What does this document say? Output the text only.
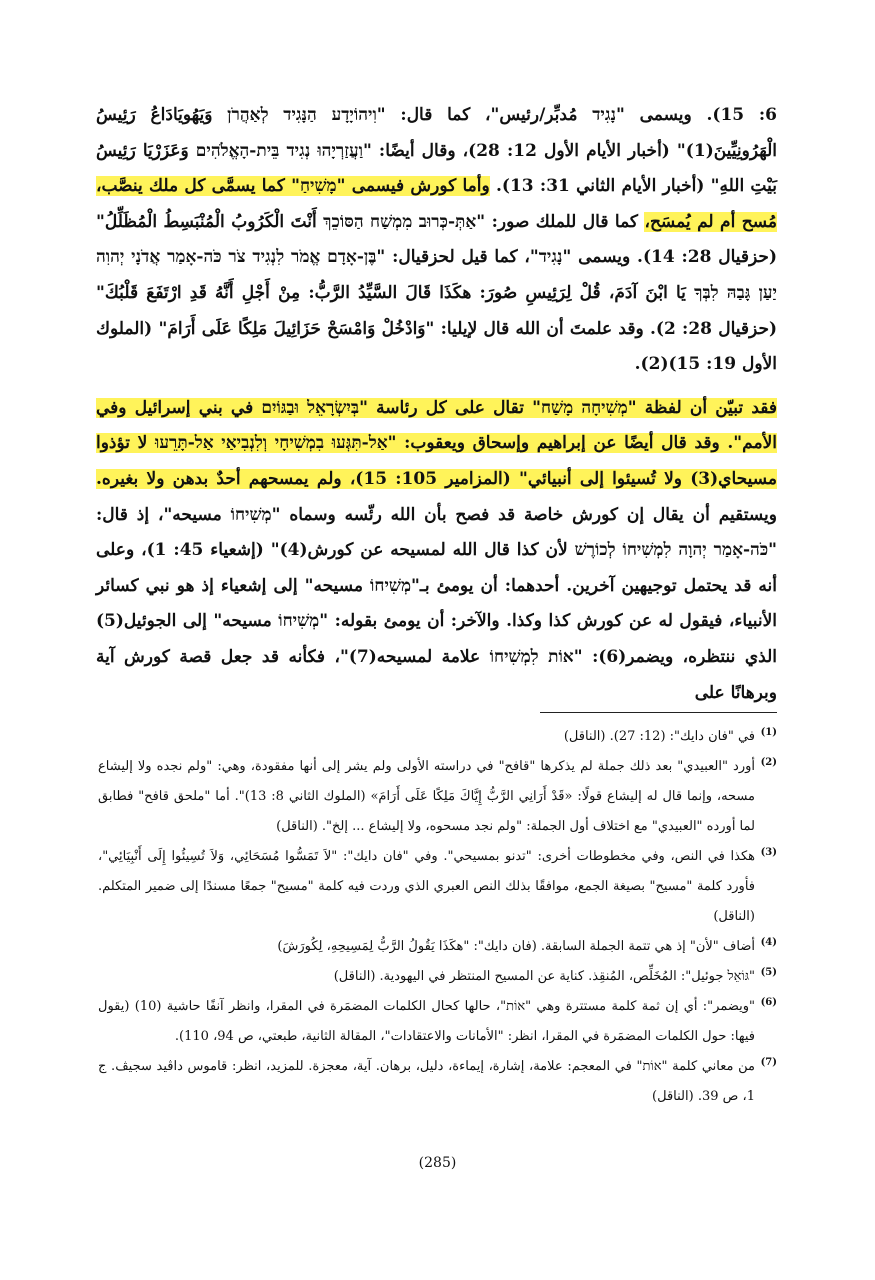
6: 15). ويسمى "נָגִיד مُدبِّر/رئيس"، كما قال: "וִיהוֹיָדָע הַנָּגִיד לְאַהֲרֹן وَيَهُويَادَاعُ رَئِيسُ الْهَرُونِيِّينَ(1)" (أخبار الأيام الأول 12: 28)، وقال أيضًا: "וַעֲזַרְיָהוּ נְגִיד בֵּית-הָאֱלֹהִים وَعَزَرْيَا رَئِيسُ بَيْتِ اللهِ" (أخبار الأيام الثاني 31: 13). وأما كورش فيسمى "מָשִׁיחַ" كما يسمَّى كل ملك ينصَّب، مُسح أم لم يُمسَح، كما قال للملك صور: "אַתְּ-כְּרוּב מִמְשַׁח הַסּוֹכֵךְ أَنْتَ الْكَرُوبُ الْمُنْبَسِطُ الْمُظَلِّلُ" (حزقيال 28: 14). ويسمى "נָגִיד"، كما قيل لحزقيال: "בֶּן-אָדָם אֱמֹר לִנְגִיד צֹר כֹּה-אָמַר אֲדֹנָי יְהוִה יַעַן גָּבַהּ לִבְּךָ يَا ابْنَ آدَمَ، قُلْ لِرَئِيسِ صُورَ: هكَذَا قَالَ السَّيِّدُ الرَّبُّ: مِنْ أَجْلِ أَنَّهُ قَدِ ارْتَفَعَ قَلْبُكَ" (حزقيال 28: 2). وقد علمتَ أن الله قال لإيليا: "وَادْخُلْ وَامْسَحْ حَزَائِيلَ مَلِكًا عَلَى أَرَامَ" (الملوك الأول 19: 15)(2).

فقد تبيّن أن لفظة "מְשִׁיחָה מָשַׁח" تقال على كل رئاسة "בְּיִשְׂרָאֵל וּבַגּוֹיִם في بني إسرائيل وفي الأمم". وقد قال أيضًا عن إبراهيم وإسحاق ويعقوب: "אַל-תִּגְּעוּ בִמְשִׁיחָי וְלִנְבִיאַי אַל-תָּרֵעוּ لا تؤذوا مسيحاي(3) ولا تُسيئوا إلى أنبيائي" (المزامير 105: 15)، ولم يمسحهم أحدٌ بدهن ولا بغيره. ويستقيم أن يقال إن كورش خاصة قد فصح بأن الله رئّسه وسماه "מְשִׁיחוֹ مسيحه"، إذ قال: "כֹּה-אָמַר יְהוָה לִמְשִׁיחוֹ לְכוֹרֶשׁ لأن كذا قال الله لمسيحه عن كورش(4)" (إشعياء 45: 1)، وعلى أنه قد يحتمل توجيهين آخرين. أحدهما: أن يومئ بـ"מְשִׁיחוֹ مسيحه" إلى إشعياء إذ هو نبي كسائر الأنبياء، فيقول له عن كورش كذا وكذا. والآخر: أن يومئ بقوله: "מְשִׁיחוֹ مسيحه" إلى الجوئيل(5) الذي ننتظره، ويضمر(6): "אוֹת לִמְשִׁיחוֹ علامة لمسيحه(7)"، فكأنه قد جعل قصة كورش آية وبرهانًا على

(1)
في "فان دايك": (12: 27). (الناقل)

(2)
أورد "العبيدي" بعد ذلك جملة لم يذكرها "قافح" في دراسته الأولى ولم يشر إلى أنها مفقودة، وهي: "ولم نجده ولا إليشاع مسحه، وإنما قال له إليشاع قولًا: «قَدْ أَرَانِي الرَّبُّ إِيَّاكَ مَلِكًا عَلَى أَرَامَ» (الملوك الثاني 8: 13)". أما "ملحق قافح" فطابق لما أورده "العبيدي" مع اختلاف أول الجملة: "ولم نجد مسحوه، ولا إليشاع ... إلخ". (الناقل)

(3)
هكذا في النص، وفي مخطوطات أخرى: "تدنو بمسيحي". وفي "فان دايك": "لاَ تَمَسُّوا مُسَحَائِي، وَلاَ تُسِيئُوا إِلَى أَنْبِيَائِي"، فأورد كلمة "مسيح" بصيغة الجمع، موافقًا بذلك النص العبري الذي وردت فيه كلمة "مسيح" جمعًا مسندًا إلى ضمير المتكلم. (الناقل)

(4)
أضاف "لأن" إذ هي تتمة الجملة السابقة. (فان دايك": "هكَذَا يَقُولُ الرَّبُّ لِمَسِيحِهِ، لِكُورَشَ)

(5)
"גּוֹאֵל جوئيل": المُخَلِّص، المُنقِذ. كناية عن المسيح المنتظر في اليهودية. (الناقل)

(6)
"ويضمر": أي إن ثمة كلمة مستترة وهي "אוֹת"، حالها كحال الكلمات المضمَرة في المقرا، وانظر آنفًا حاشية (10) (يقول فيها: حول الكلمات المضمَرة في المقرا، انظر: "الأمانات والاعتقادات"، المقالة الثانية، طبعتي، ص 94، 110).

(7)
من معاني كلمة "אוֹת" في المعجم: علامة، إشارة، إيماءة، دليل، برهان. آية، معجزة. للمزيد، انظر: قاموس داڤيد سجيڤ. ج 1، ص 39. (الناقل)

(285)
